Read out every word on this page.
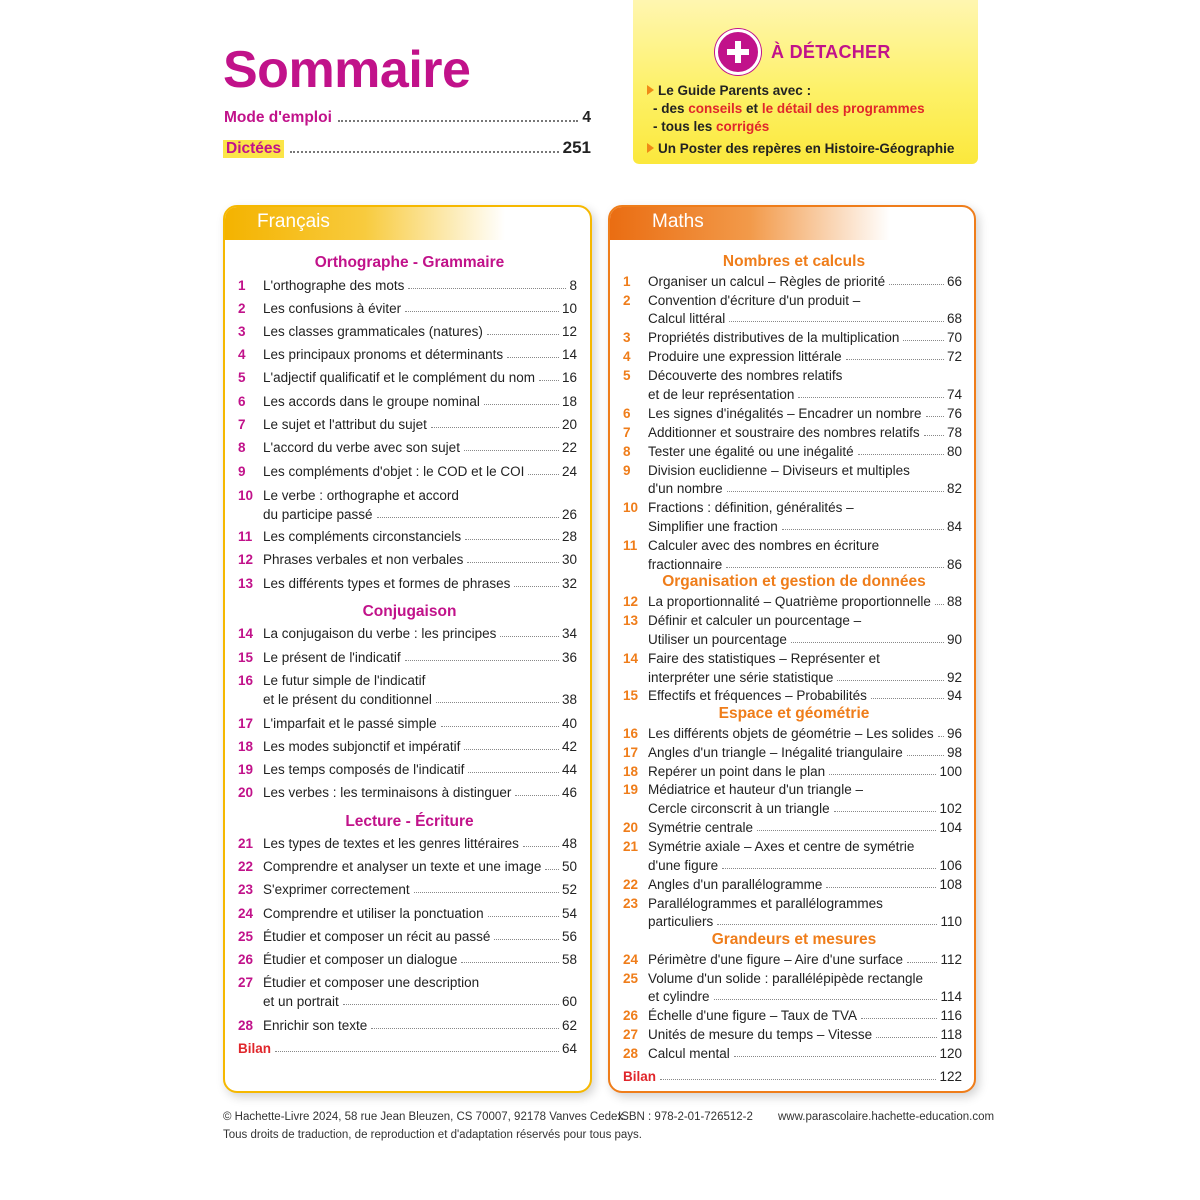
Sommaire
Mode d'emploi	4
Dictées	251
À DÉTACHER
Le Guide Parents avec :
- des conseils et le détail des programmes
- tous les corrigés
Un Poster des repères en Histoire-Géographie
Français
Orthographe - Grammaire
Conjugaison
Lecture - Écriture
1 L'orthographe des mots	8
2 Les confusions à éviter	10
3 Les classes grammaticales (natures)	12
4 Les principaux pronoms et déterminants	14
5 L'adjectif qualificatif et le complément du nom 16
6 Les accords dans le groupe nominal	18
7 Le sujet et l'attribut du sujet	20
8 L'accord du verbe avec son sujet	22
9 Les compléments d'objet : le COD et le COI	24
10 Le verbe : orthographe et accord
du participe passé	26
11 Les compléments circonstanciels	28
12 Phrases verbales et non verbales	30
13 Les différents types et formes de phrases	32
14 La conjugaison du verbe : les principes	34
15 Le présent de l'indicatif	36
16 Le futur simple de l'indicatif
et le présent du conditionnel	38
17 L'imparfait et le passé simple	40
18 Les modes subjonctif et impératif	42
19 Les temps composés de l'indicatif	44
20 Les verbes : les terminaisons à distinguer	46
21 Les types de textes et les genres littéraires	48
22 Comprendre et analyser un texte et une image 50
23 S'exprimer correctement	52
24 Comprendre et utiliser la ponctuation	54
25 Étudier et composer un récit au passé	56
26 Étudier et composer un dialogue	58
27 Étudier et composer une description
et un portrait	60
28 Enrichir son texte	62
Bilan	64
Maths
Nombres et calculs
Organisation et gestion de données
Espace et géométrie
Grandeurs et mesures
1 Organiser un calcul – Règles de priorité	66
2 Convention d'écriture d'un produit –
Calcul littéral	68
3 Propriétés distributives de la multiplication	70
4 Produire une expression littérale	72
5 Découverte des nombres relatifs
et de leur représentation	74
6 Les signes d'inégalités – Encadrer un nombre 76
7 Additionner et soustraire des nombres relatifs 78
8 Tester une égalité ou une inégalité	80
9 Division euclidienne – Diviseurs et multiples
d'un nombre	82
10 Fractions : définition, généralités –
Simplifier une fraction	84
11 Calculer avec des nombres en écriture
fractionnaire	86
12 La proportionnalité – Quatrième proportionnelle 88
13 Définir et calculer un pourcentage –
Utiliser un pourcentage	90
14 Faire des statistiques – Représenter et
interpréter une série statistique	92
15 Effectifs et fréquences – Probabilités	94
16 Les différents objets de géométrie – Les solides 96
17 Angles d'un triangle – Inégalité triangulaire	98
18 Repérer un point dans le plan	100
19 Médiatrice et hauteur d'un triangle –
Cercle circonscrit à un triangle	102
20 Symétrie centrale	104
21 Symétrie axiale – Axes et centre de symétrie
d'une figure	106
22 Angles d'un parallélogramme	108
23 Parallélogrammes et parallélogrammes
particuliers	110
24 Périmètre d'une figure – Aire d'une surface	112
25 Volume d'un solide : parallélépipède rectangle
et cylindre	114
26 Échelle d'une figure – Taux de TVA	116
27 Unités de mesure du temps – Vitesse	118
28 Calcul mental	120
Bilan	122
© Hachette-Livre 2024, 58 rue Jean Bleuzen, CS 70007, 92178 Vanves Cedex.
ISBN : 978-2-01-726512-2 www.parascolaire.hachette-education.com
Tous droits de traduction, de reproduction et d'adaptation réservés pour tous pays.
